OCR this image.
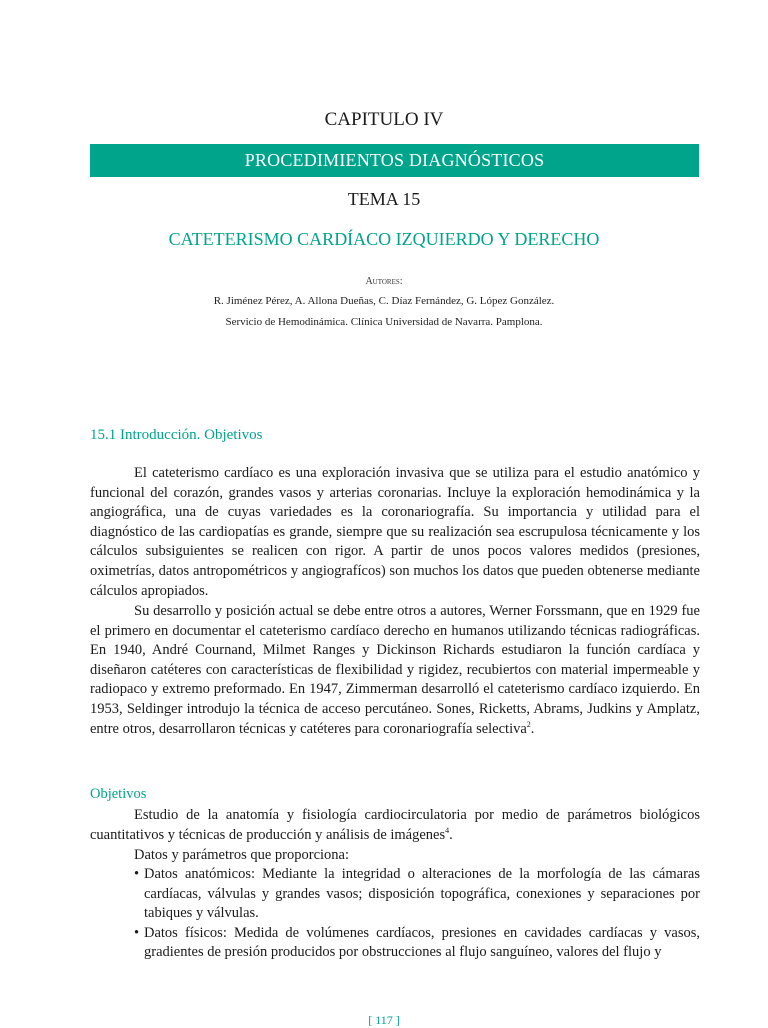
CAPITULO IV
PROCEDIMIENTOS DIAGNÓSTICOS
TEMA 15
CATETERISMO CARDÍACO IZQUIERDO Y DERECHO
Autores:
R. Jiménez Pérez, A. Allona Dueñas, C. Díaz Fernández, G. López González.
Servicio de Hemodinámica. Clínica Universidad de Navarra. Pamplona.
15.1 Introducción. Objetivos

El cateterismo cardíaco es una exploración invasiva que se utiliza para el estudio anatómico y funcional del corazón, grandes vasos y arterias coronarias. Incluye la exploración hemodinámica y la angiográfica, una de cuyas variedades es la coronariografía. Su importancia y utilidad para el diagnóstico de las cardiopatías es grande, siempre que su realización sea escrupulosa técnicamente y los cálculos subsiguientes se realicen con rigor. A partir de unos pocos valores medidos (presiones, oximetrías, datos antropométricos y angiografícos) son muchos los datos que pueden obtenerse mediante cálculos apropiados.

Su desarrollo y posición actual se debe entre otros a autores, Werner Forssmann, que en 1929 fue el primero en documentar el cateterismo cardíaco derecho en humanos utilizando técnicas radiográficas. En 1940, André Cournand, Milmet Ranges y Dickinson Richards estudiaron la función cardíaca y diseñaron catéteres con características de flexibilidad y rigidez, recubiertos con material impermeable y radiopaco y extremo preformado. En 1947, Zimmerman desarrolló el cateterismo cardíaco izquierdo. En 1953, Seldinger introdujo la técnica de acceso percutáneo. Sones, Ricketts, Abrams, Judkins y Amplatz, entre otros, desarrollaron técnicas y catéteres para coronariografía selectiva$^2$.

Objetivos

Estudio de la anatomía y fisiología cardiocirculatoria por medio de parámetros biológicos cuantitativos y técnicas de producción y análisis de imágenes$^4$.

Datos y parámetros que proporciona:

• Datos anatómicos: Mediante la integridad o alteraciones de la morfología de las cámaras cardíacas, válvulas y grandes vasos; disposición topográfica, conexiones y separaciones por tabiques y válvulas.
• Datos físicos: Medida de volúmenes cardíacos, presiones en cavidades cardíacas y vasos, gradientes de presión producidos por obstrucciones al flujo sanguíneo, valores del flujo y
[ 117 ]
